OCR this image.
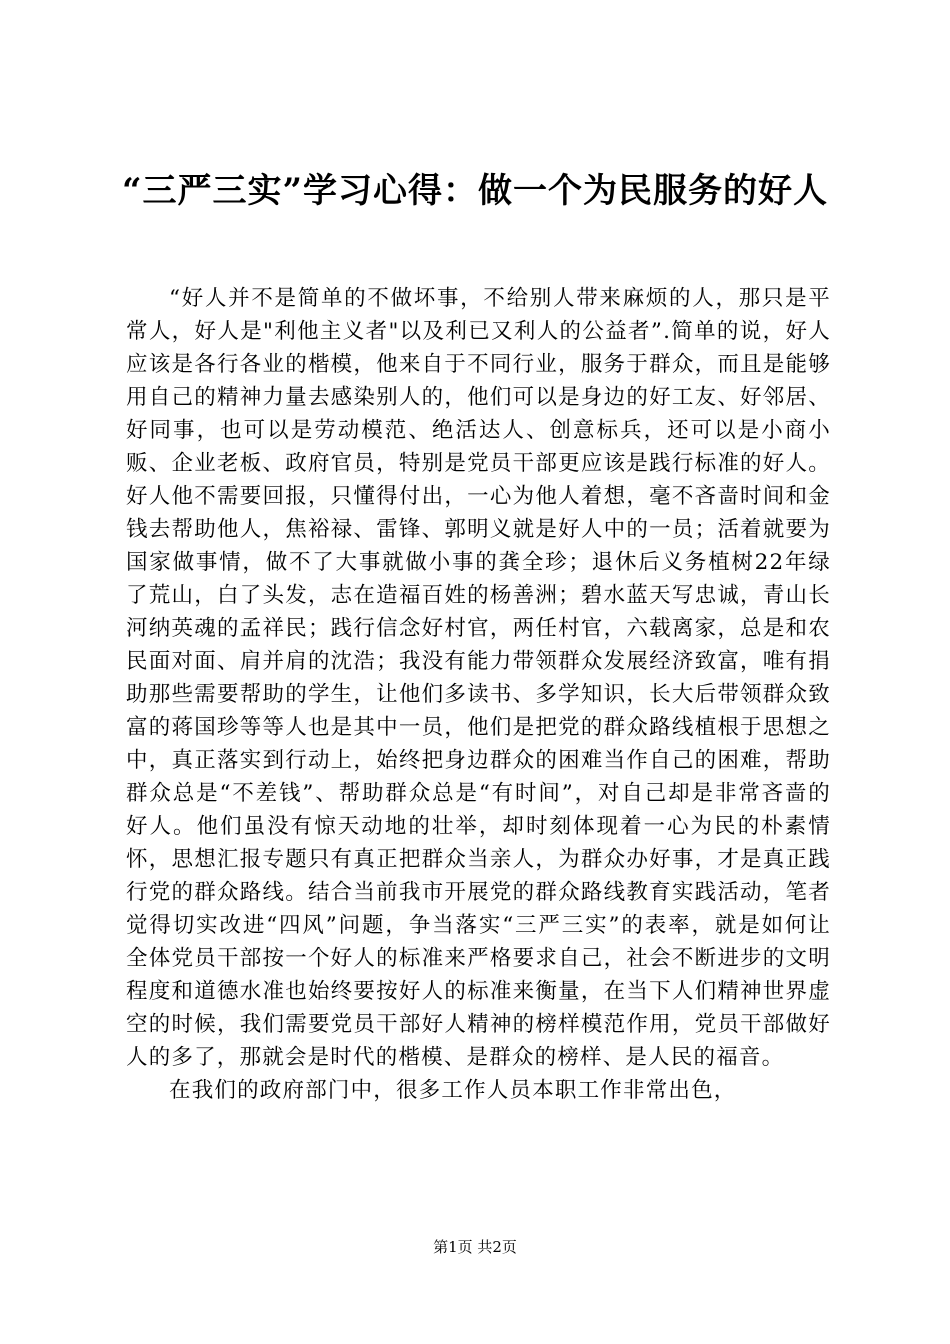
“三严三实”学习心得：做一个为民服务的好人

“好人并不是简单的不做坏事，不给别人带来麻烦的人，那只是平常人，好人是"利他主义者"以及利已又利人的公益者”.简单的说，好人应该是各行各业的楷模，他来自于不同行业，服务于群众，而且是能够用自己的精神力量去感染别人的，他们可以是身边的好工友、好邻居、好同事，也可以是劳动模范、绝活达人、创意标兵，还可以是小商小贩、企业老板、政府官员，特别是党员干部更应该是践行标准的好人。好人他不需要回报，只懂得付出，一心为他人着想，毫不吝啬时间和金钱去帮助他人，焦裕禄、雷锋、郭明义就是好人中的一员；活着就要为国家做事情，做不了大事就做小事的龚全珍；退休后义务植树22年绿了荒山，白了头发，志在造福百姓的杨善洲；碧水蓝天写忠诚，青山长河纳英魂的孟祥民；践行信念好村官，两任村官，六载离家，总是和农民面对面、肩并肩的沈浩；我没有能力带领群众发展经济致富，唯有捐助那些需要帮助的学生，让他们多读书、多学知识，长大后带领群众致富的蒋国珍等等人也是其中一员，他们是把党的群众路线植根于思想之中，真正落实到行动上，始终把身边群众的困难当作自己的困难，帮助群众总是“不差钱”、帮助群众总是“有时间”，对自己却是非常吝啬的好人。他们虽没有惊天动地的壮举，却时刻体现着一心为民的朴素情怀，思想汇报专题只有真正把群众当亲人，为群众办好事，才是真正践行党的群众路线。结合当前我市开展党的群众路线教育实践活动，笔者觉得切实改进“四风”问题，争当落实“三严三实”的表率，就是如何让全体党员干部按一个好人的标准来严格要求自己，社会不断进步的文明程度和道德水准也始终要按好人的标准来衡量，在当下人们精神世界虚空的时候，我们需要党员干部好人精神的榜样模范作用，党员干部做好人的多了，那就会是时代的楷模、是群众的榜样、是人民的福音。

在我们的政府部门中，很多工作人员本职工作非常出色，

第1页 共2页
